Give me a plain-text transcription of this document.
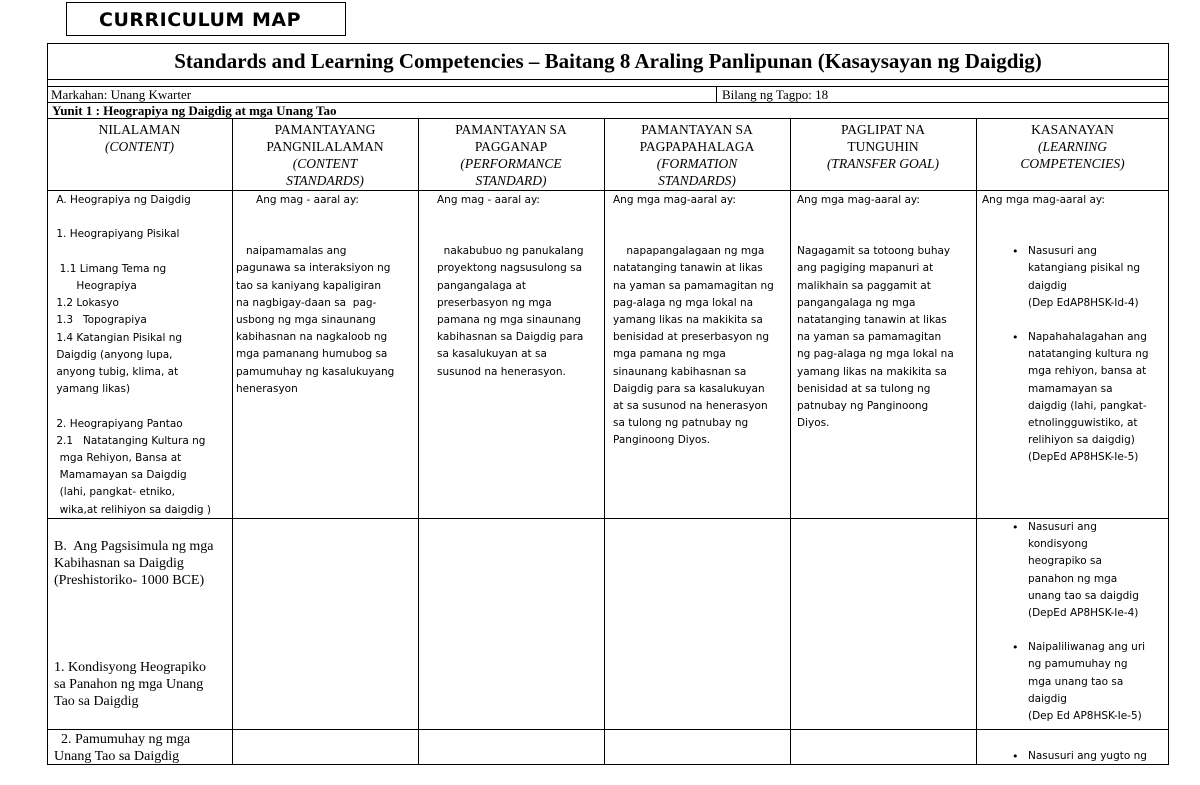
CURRICULUM MAP
Standards and Learning Competencies – Baitang 8 Araling Panlipunan (Kasaysayan ng Daigdig)
Markahan: Unang Kwarter	Bilang ng Tagpo: 18
Yunit 1 : Heograpiya ng Daigdig at mga Unang Tao
NILALAMAN
(CONTENT)
PAMANTAYANG
PANGNILALAMAN
(CONTENT
STANDARDS)
PAMANTAYAN SA
PAGGANAP
(PERFORMANCE
STANDARD)
PAMANTAYAN SA
PAGPAPAHALAGA
(FORMATION
STANDARDS)
PAGLIPAT NA
TUNGUHIN
(TRANSFER GOAL)
KASANAYAN
(LEARNING
COMPETENCIES)
A. Heograpiya ng Daigdig

1. Heograpiyang Pisikal

1.1 Limang Tema ng
Heograpiya
1.2 Lokasyo
1.3   Topograpiya
1.4 Katangian Pisikal ng
Daigdig (anyong lupa,
anyong tubig, klima, at
yamang likas)

2. Heograpiyang Pantao
2.1   Natatanging Kultura ng
mga Rehiyon, Bansa at
Mamamayan sa Daigdig
(lahi, pangkat- etniko,
wika,at relihiyon sa daigdig )
Ang mag - aaral ay:
naipamamalas ang
pagunawa sa interaksiyon ng
tao sa kaniyang kapaligiran
na nagbigay-daan sa  pag-
usbong ng mga sinaunang
kabihasnan na nagkaloob ng
mga pamanang humubog sa
pamumuhay ng kasalukuyang
henerasyon
Ang mag - aaral ay:
nakabubuo ng panukalang
proyektong nagsusulong sa
pangangalaga at
preserbasyon ng mga
pamana ng mga sinaunang
kabihasnan sa Daigdig para
sa kasalukuyan at sa
susunod na henerasyon.
Ang mga mag-aaral ay:
napapangalagaan ng mga
natatanging tanawin at likas
na yaman sa pamamagitan ng
pag-alaga ng mga lokal na
yamang likas na makikita sa
benisidad at preserbasyon ng
mga pamana ng mga
sinaunang kabihasnan sa
Daigdig para sa kasalukuyan
at sa susunod na henerasyon
sa tulong ng patnubay ng
Panginoong Diyos.
Ang mga mag-aaral ay:
Nagagamit sa totoong buhay
ang pagiging mapanuri at
malikhain sa paggamit at
pangangalaga ng mga
natatanging tanawin at likas
na yaman sa pamamagitan
ng pag-alaga ng mga lokal na
yamang likas na makikita sa
benisidad at sa tulong ng
patnubay ng Panginoong
Diyos.
Ang mga mag-aaral ay:
• Nasusuri ang
katangiang pisikal ng
daigdig
(Dep EdAP8HSK-Id-4)
• Napahahalagahan ang
natatanging kultura ng
mga rehiyon, bansa at
mamamayan sa
daigdig (lahi, pangkat-
etnolingguwistiko, at
relihiyon sa daigdig)
(DepEd AP8HSK-Ie-5)
B.  Ang Pagsisimula ng mga
Kabihasnan sa Daigdig
(Preshistoriko- 1000 BCE)
1. Kondisyong Heograpiko
sa Panahon ng mga Unang
Tao sa Daigdig
• Nasusuri ang
kondisyong
heograpiko sa
panahon ng mga
unang tao sa daigdig
(DepEd AP8HSK-Ie-4)
• Naipaliliwanag ang uri
ng pamumuhay ng
mga unang tao sa
daigdig
(Dep Ed AP8HSK-Ie-5)
2. Pamumuhay ng mga
Unang Tao sa Daigdig	• Nasusuri ang yugto ng
